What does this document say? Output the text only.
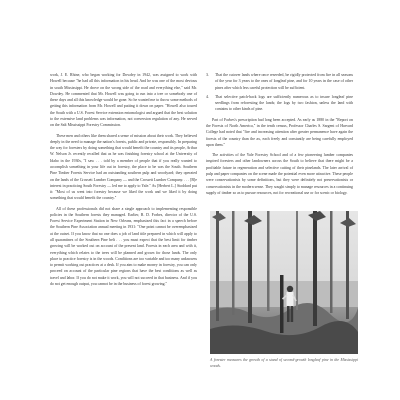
work, J. E. Rhine, who began working for Dowdey in 1942, was assigned to work with Howell because "he had all this information in his head. And he was one of the most devious in south Mississippi. He drove on the wrong side of the road and everything else," said Mr. Dowdey. He commented that Mr. Howell was going to run into a tree or somebody one of these days and all this knowledge would be gone. So he wanted me to throw some methods of getting this information from Mr. Howell and putting it down on paper. "Howell also toured the South with a U.S. Forest Service extension entomologist and argued that the best solution to the extensive land problems was information, not conversion regulation of any. He served on the Salt Mississippi Forestry Commission.

These men and others like them shared a sense of mission about their work. They believed deeply in the need to manage the nation's forests, public and private, responsibly. In preparing the way for foresters by doing something that would benefit the country and its people, Arthur W. Nelson Jr. recently recalled that as he was finishing forestry school at the University of Idaho in the 1930s, "I saw . . . told by a member of people that if you really wanted to accomplish something in your life out in forestry, the place to be was the South. Southern Pine Timber Forests Service had an outstanding southern pulp and woodyard; they operated on the lands of the Crossett Lumber Company — and the Crossett Lumber Company. . . . [B]e interest in practicing South Forestry — led me to apply to Yale." As [Herbert L.] Stoddard put it: "Most of us went into forestry because we liked the work and we liked it by doing something that would benefit the country."

All of these professionals did not share a single approach to implementing responsible policies in the Southern forests they managed. Earlier, R. D. Forbes, director of the U.S. Forest Service Experiment Station in New Orleans, emphasized this fact in a speech before the Southern Pine Association annual meeting in 1931: "One point cannot be overemphasized at the outset. If you know that no one does a job of land title prepared in which will apply to all quarantines of the Southern Pine belt . . . you must expect that the best limit for timber growing will be worked out on account of the present land. Forests in each area and with it, everything which relates to the trees will be planned and grown for those lands. The only place to practice forestry is in the woods. Conditions are too variable and too many unknowns to permit working out practices at a desk. If you aim to make money in forestry, you can only proceed on account of the particular pine regions that have the best conditions as well as travel and labor. If you do not make it work, you will not succeed in that business. And if you do not get enough output, you cannot be in the business of forest growing."

3.	That the cutover lands where once reseeded, be rigidly protected from fire in all seasons of the year for 3 years to the ones of longleaf pine, and for 10 years in the case of other pines after which less careful protection will be sufficient.
4.	That selective patch-back logs are sufficiently numerous as to insure longleaf pine seedlings from reforesting the lands; the logs by two fashion, unless the land with contains to other kinds of pine.

Part of Forbes's prescription had long been accepted. As early as 1880 in the "Report on the Forests of North America," in the tenth census, Professor Charles S. Sargent of Harvard College had noted that "fire and increasing attention after greater permanence have again the forests of the country than the ax, each freely and constantly are being carefully employed upon them."

The activities of the Yale Forestry School and of a few pioneering lumber companies inspired foresters and other landowners across the South to believe that there might be a profitable future in regeneration and selective cutting of their pinelands. The later arrival of pulp and paper companies on the scene made the potential even more attractive. These people were conservationists by some definitions, but they were definitely not preservationists or conservationists in the modern sense. They sought simply to manage resources in a continuing supply of timber so as to pursue resources, not for recreational use or for scenic or biology.

A forester measures the growth of a stand of second-growth longleaf pine in the Mississippi woods.
